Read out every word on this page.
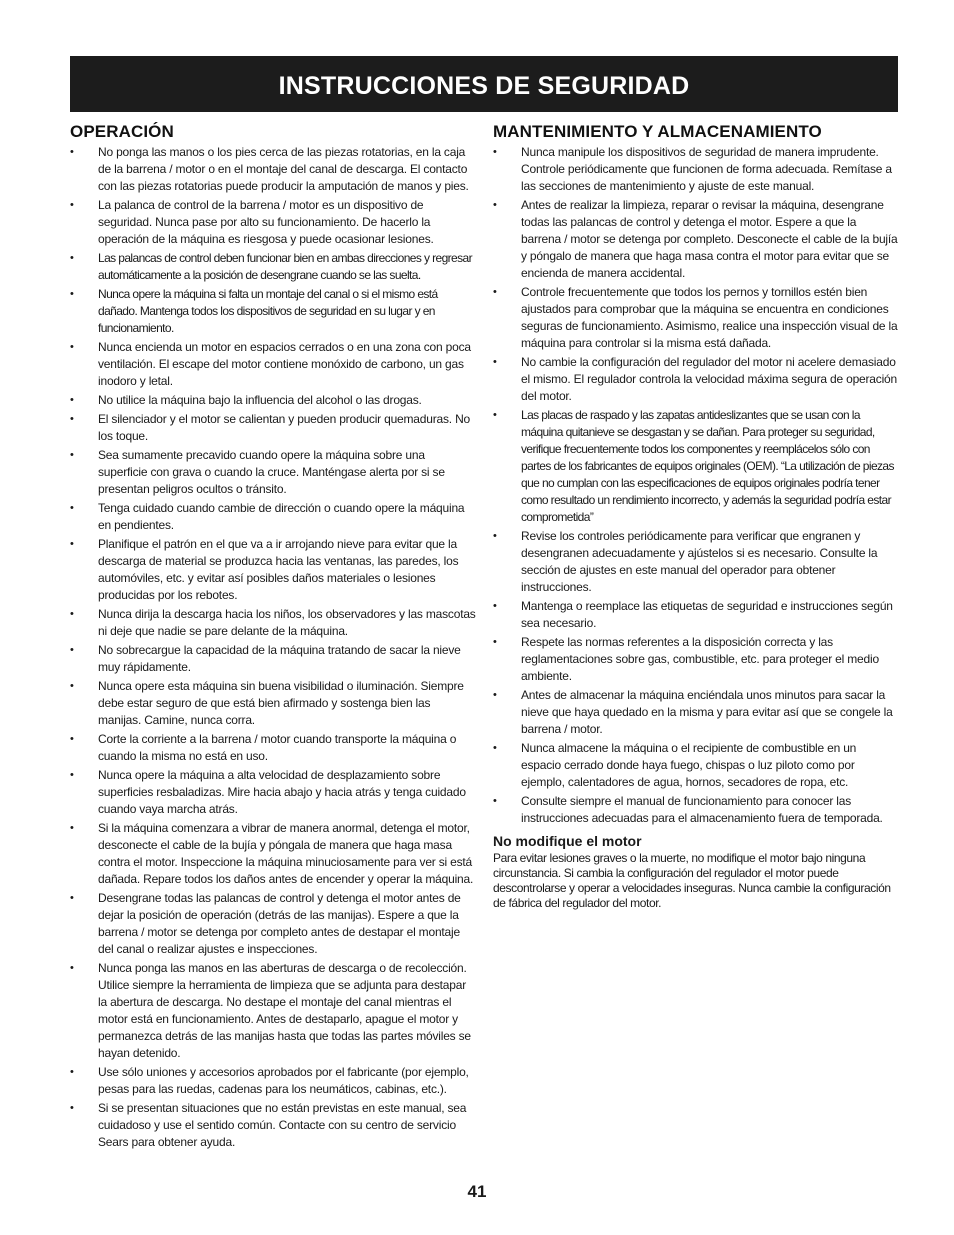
INSTRUCCIONES DE SEGURIDAD
OPERACIÓN
•	No ponga las manos o los pies cerca de las piezas rotatorias, en la caja de la barrena / motor o en el montaje del canal de descarga. El contacto con las piezas rotatorias puede producir la amputación de manos y pies.
•	La palanca de control de la barrena / motor es un dispositivo de seguridad. Nunca pase por alto su funcionamiento. De hacerlo la operación de la máquina es riesgosa y puede ocasionar lesiones.
•	Las palancas de control deben funcionar bien en ambas direcciones y regresar automáticamente a la posición de desengrane cuando se las suelta.
•	Nunca opere la máquina si falta un montaje del canal o si el mismo está dañado. Mantenga todos los dispositivos de seguridad en su lugar y en funcionamiento.
•	Nunca encienda un motor en espacios cerrados o en una zona con poca ventilación. El escape del motor contiene monóxido de carbono, un gas inodoro y letal.
•	No utilice la máquina bajo la influencia del alcohol o las drogas.
•	El silenciador y el motor se calientan y pueden producir quemaduras. No los toque.
•	Sea sumamente precavido cuando opere la máquina sobre una superficie con grava o cuando la cruce. Manténgase alerta por si se presentan peligros ocultos o tránsito.
•	Tenga cuidado cuando cambie de dirección o cuando opere la máquina en pendientes.
•	Planifique el patrón en el que va a ir arrojando nieve para evitar que la descarga de material se produzca hacia las ventanas, las paredes, los automóviles, etc. y evitar así posibles daños materiales o lesiones producidas por los rebotes.
•	Nunca dirija la descarga hacia los niños, los observadores y las mascotas ni deje que nadie se pare delante de la máquina.
•	No sobrecargue la capacidad de la máquina tratando de sacar la nieve muy rápidamente.
•	Nunca opere esta máquina sin buena visibilidad o iluminación. Siempre debe estar seguro de que está bien afirmado y sostenga bien las manijas. Camine, nunca corra.
•	Corte la corriente a la barrena / motor cuando transporte la máquina o cuando la misma no está en uso.
•	Nunca opere la máquina a alta velocidad de desplazamiento sobre superficies resbaladizas. Mire hacia abajo y hacia atrás y tenga cuidado cuando vaya marcha atrás.
•	Si la máquina comenzara a vibrar de manera anormal, detenga el motor, desconecte el cable de la bujía y póngala de manera que haga masa contra el motor. Inspeccione la máquina minuciosamente para ver si está dañada. Repare todos los daños antes de encender y operar la máquina.
•	Desengrane todas las palancas de control y detenga el motor antes de dejar la posición de operación (detrás de las manijas). Espere a que la barrena / motor se detenga por completo antes de destapar el montaje del canal o realizar ajustes e inspecciones.
•	Nunca ponga las manos en las aberturas de descarga o de recolección. Utilice siempre la herramienta de limpieza que se adjunta para destapar la abertura de descarga. No destape el montaje del canal mientras el motor está en funcionamiento. Antes de destaparlo, apague el motor y permanezca detrás de las manijas hasta que todas las partes móviles se hayan detenido.
•	Use sólo uniones y accesorios aprobados por el fabricante (por ejemplo, pesas para las ruedas, cadenas para los neumáticos, cabinas, etc.).
•	Si se presentan situaciones que no están previstas en este manual, sea cuidadoso y use el sentido común. Contacte con su centro de servicio Sears para obtener ayuda.
MANTENIMIENTO Y ALMACENAMIENTO
•	Nunca manipule los dispositivos de seguridad de manera imprudente. Controle periódicamente que funcionen de forma adecuada. Remítase a las secciones de mantenimiento y ajuste de este manual.
•	Antes de realizar la limpieza, reparar o revisar la máquina, desengrane todas las palancas de control y detenga el motor. Espere a que la barrena / motor se detenga por completo. Desconecte el cable de la bujía y póngalo de manera que haga masa contra el motor para evitar que se encienda de manera accidental.
•	Controle frecuentemente que todos los pernos y tornillos estén bien ajustados para comprobar que la máquina se encuentra en condiciones seguras de funcionamiento. Asimismo, realice una inspección visual de la máquina para controlar si la misma está dañada.
•	No cambie la configuración del regulador del motor ni acelere demasiado el mismo. El regulador controla la velocidad máxima segura de operación del motor.
•	Las placas de raspado y las zapatas antideslizantes que se usan con la máquina quitanieve se desgastan y se dañan. Para proteger su seguridad, verifique frecuentemente todos los componentes y reemplácelos sólo con partes de los fabricantes de equipos originales (OEM). “La utilización de piezas que no cumplan con las especificaciones de equipos originales podría tener como resultado un rendimiento incorrecto, y además la seguridad podría estar comprometida”
•	Revise los controles periódicamente para verificar que engranen y desengranen adecuadamente y ajústelos si es necesario. Consulte la sección de ajustes en este manual del operador para obtener instrucciones.
•	Mantenga o reemplace las etiquetas de seguridad e instrucciones según sea necesario.
•	Respete las normas referentes a la disposición correcta y las reglamentaciones sobre gas, combustible, etc. para proteger el medio ambiente.
•	Antes de almacenar la máquina enciéndala unos minutos para sacar la nieve que haya quedado en la misma y para evitar así que se congele la barrena / motor.
•	Nunca almacene la máquina o el recipiente de combustible en un espacio cerrado donde haya fuego, chispas o luz piloto como por ejemplo, calentadores de agua, hornos, secadores de ropa, etc.
•	Consulte siempre el manual de funcionamiento para conocer las instrucciones adecuadas para el almacenamiento fuera de temporada.
No modifique el motor

Para evitar lesiones graves o la muerte, no modifique el motor bajo ninguna circunstancia. Si cambia la configuración del regulador el motor puede descontrolarse y operar a velocidades inseguras. Nunca cambie la configuración de fábrica del regulador del motor.

41
